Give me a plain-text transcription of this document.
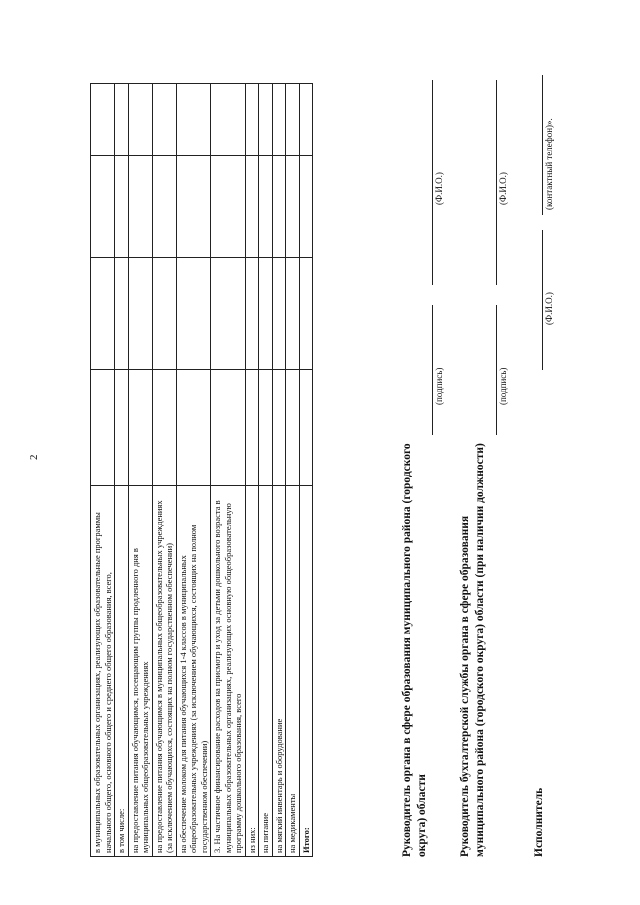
2
в муниципальных образовательных организациях, реализующих образовательные программы начального общего, основного общего и среднего общего образования, всего,				
в том числе:				
на предоставление питания обучающимся, посещающим группы продленного дня в муниципальных общеобразовательных учреждениях				
на предоставление питания обучающимся в муниципальных общеобразовательных учреждениях (за исключением обучающихся, состоящих на полном государственном обеспечении)				
на обеспечение молоком для питания обучающихся 1-4 классов в муниципальных общеобразовательных учреждениях (за исключением обучающихся, состоящих на полном государственном обеспечении)				
3. На частичное финансирование расходов на присмотр и уход за детьми дошкольного возраста в муниципальных образовательных организациях, реализующих основную общеобразовательную программу дошкольного образования, всего				
из них:				
на питание				
на мягкий инвентарь и оборудование				
на медикаменты				
Итого:					Руководитель органа в сфере образования муниципального района (городского округа) области
(подпись)
(Ф.И.О.)
Руководитель бухгалтерской службы органа в сфере образования муниципального района (городского округа) области (при наличии должности)
(подпись)
(Ф.И.О.)
Исполнитель
(Ф.И.О.)
(контактный телефон)».
